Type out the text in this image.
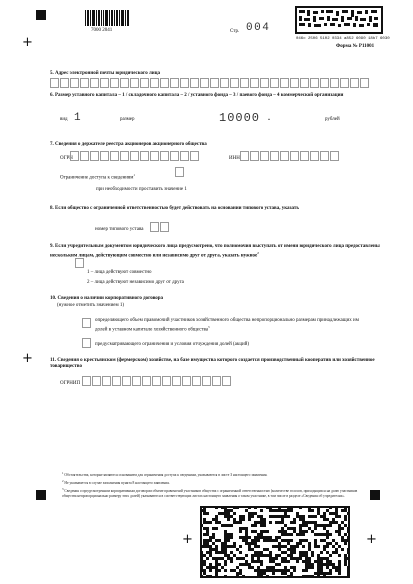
+
+
+	+
7000 2041	Стр. 004
046c 2506 5102 0334 a852 6090 18b7 6030
Форма № Р11001
5. Адрес электронной почты юридического лица
6. Размер уставного капитала – 1 / складочного капитала – 2 / уставного фонда – 3 / паевого фонда – 4 коммерческой организации
вид 1	размер	10000 .	рублей
7. Сведения о держателе реестра акционеров акционерного общества
ОГРН	ИНН
Ограничение доступа к сведениям$^1$
при необходимости проставить значение 1
8. Если общество с ограниченной ответственностью будет действовать на основании типового устава, указать
номер типового устава
9. Если учредительным документом юридического лица предусмотрено, что полномочия выступать от имени юридического лица предоставлены нескольким лицам, действующим совместно или независимо друг от друга, указать нужное$^2$
1 – лица действуют совместно
2 – лица действуют независимо друг от друга
10. Сведения о наличии корпоративного договора
(нужное отметить значением 1)
определяющего объем правомочий участников хозяйственного общества непропорционально размерам принадлежащих им долей в уставном капитале хозяйственного общества$^3$
предусматривающего ограничения и условия отчуждения долей (акций)
11. Сведения о крестьянском (фермерском) хозяйстве, на базе имущества которого создается производственный кооператив или хозяйственное товарищество
ОГРНИП
$^1$ Обстоятельства, которые являются основанием для ограничения доступа к сведениям, указываются в листе З настоящего заявления.
$^2$ Не указывается в случае заполнения пункта 8 настоящего заявления.
$^3$ Сведения о предусмотренном корпоративным договором объеме правомочий участников общества с ограниченной ответственностью (количестве голосов, приходящихся на долю участников общества непропорционально размеру этих долей) указываются в соответствующих листах настоящего заявления о таком участнике, в том числе в разделе «Сведения об учредителях».
